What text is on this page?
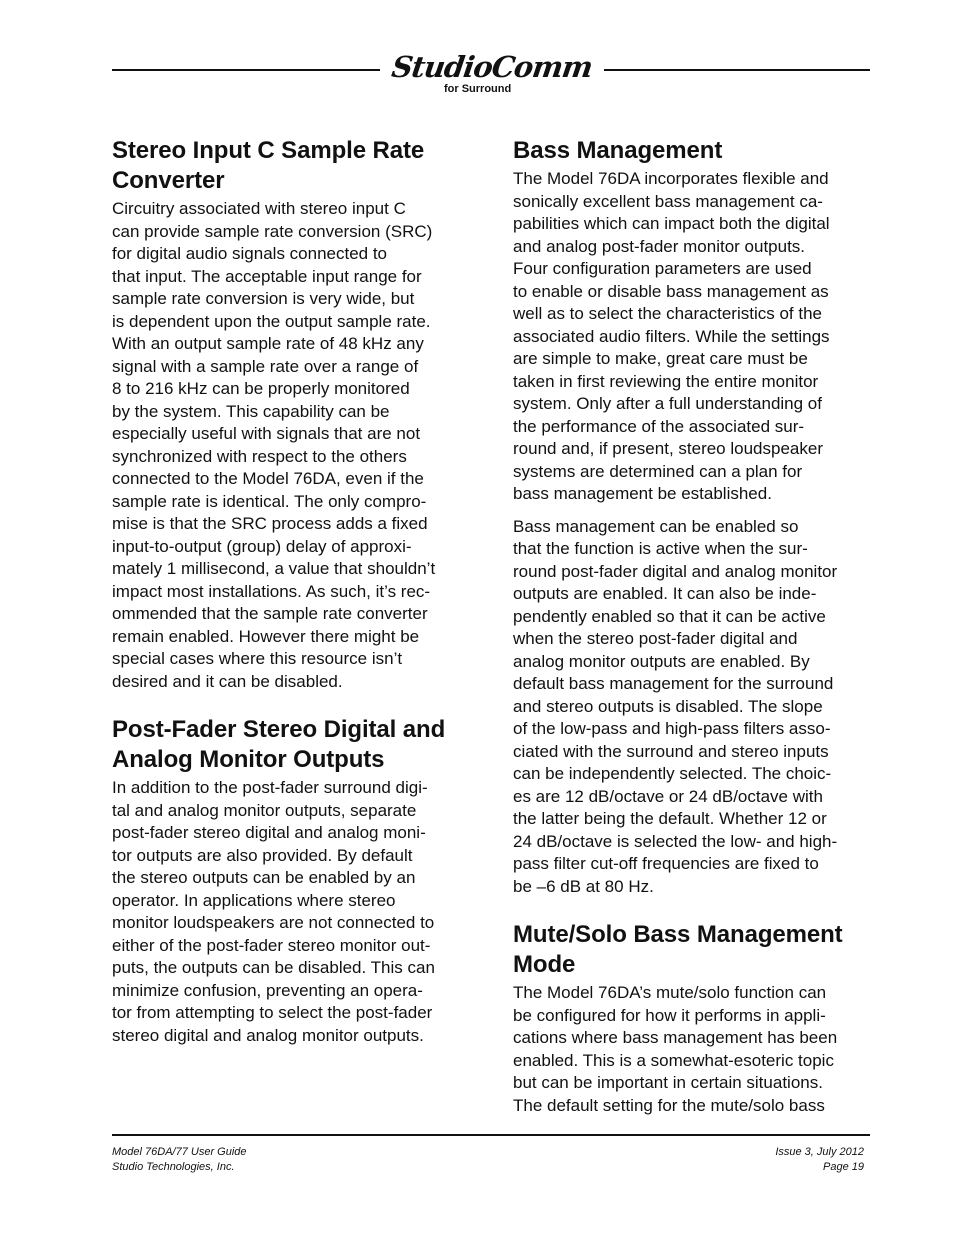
StudioComm
for Surround
Stereo Input C Sample Rate
Converter

Circuitry associated with stereo input C
can provide sample rate conversion (SRC)
for digital audio signals connected to
that input. The acceptable input range for
sample rate conversion is very wide, but
is dependent upon the output sample rate.
With an output sample rate of 48 kHz any
signal with a sample rate over a range of
8 to 216 kHz can be properly monitored
by the system. This capability can be
especially useful with signals that are not
synchronized with respect to the others
connected to the Model 76DA, even if the
sample rate is identical. The only compro-
mise is that the SRC process adds a fixed
input-to-output (group) delay of approxi-
mately 1 millisecond, a value that shouldn’t
impact most installations. As such, it’s rec-
ommended that the sample rate converter
remain enabled. However there might be
special cases where this resource isn’t
desired and it can be disabled.

Post-Fader Stereo Digital and
Analog Monitor Outputs

In addition to the post-fader surround digi-
tal and analog monitor outputs, separate
post-fader stereo digital and analog moni-
tor outputs are also provided. By default
the stereo outputs can be enabled by an
operator. In applications where stereo
monitor loudspeakers are not connected to
either of the post-fader stereo monitor out-
puts, the outputs can be disabled. This can
minimize confusion, preventing an opera-
tor from attempting to select the post-fader
stereo digital and analog monitor outputs.

Bass Management

The Model 76DA incorporates flexible and
sonically excellent bass management ca-
pabilities which can impact both the digital
and analog post-fader monitor outputs.
Four configuration parameters are used
to enable or disable bass management as
well as to select the characteristics of the
associated audio filters. While the settings
are simple to make, great care must be
taken in first reviewing the entire monitor
system. Only after a full understanding of
the performance of the associated sur-
round and, if present, stereo loudspeaker
systems are determined can a plan for
bass management be established.

Bass management can be enabled so
that the function is active when the sur-
round post-fader digital and analog monitor
outputs are enabled. It can also be inde-
pendently enabled so that it can be active
when the stereo post-fader digital and
analog monitor outputs are enabled. By
default bass management for the surround
and stereo outputs is disabled. The slope
of the low-pass and high-pass filters asso-
ciated with the surround and stereo inputs
can be independently selected. The choic-
es are 12 dB/octave or 24 dB/octave with
the latter being the default. Whether 12 or
24 dB/octave is selected the low- and high-
pass filter cut-off frequencies are fixed to
be –6 dB at 80 Hz.

Mute/Solo Bass Management
Mode

The Model 76DA’s mute/solo function can
be configured for how it performs in appli-
cations where bass management has been
enabled. This is a somewhat-esoteric topic
but can be important in certain situations.
The default setting for the mute/solo bass

Model 76DA/77 User Guide
Studio Technologies, Inc.
Issue 3, July 2012
Page 19
